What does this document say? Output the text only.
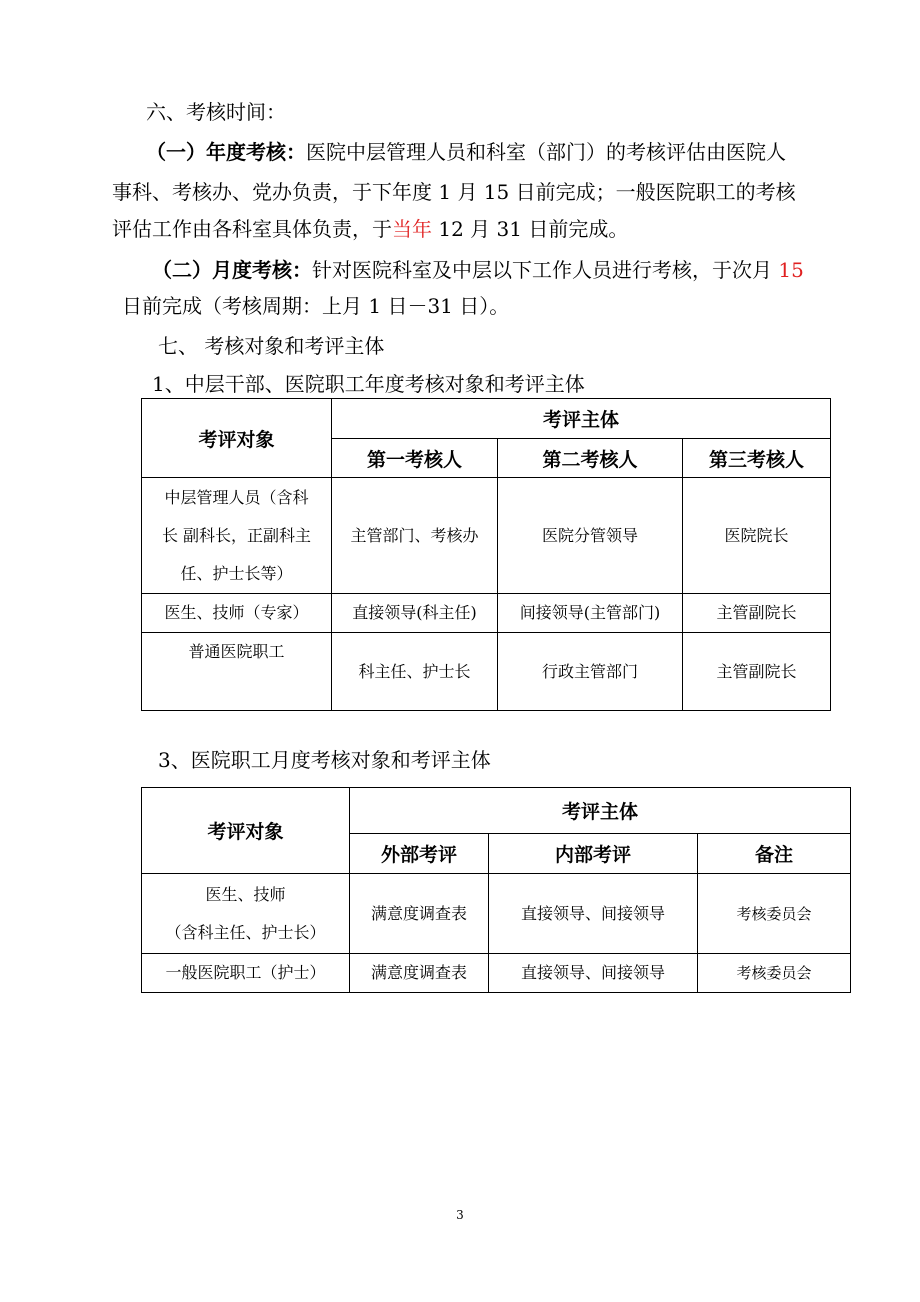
六、考核时间：
（一）年度考核：医院中层管理人员和科室（部门）的考核评估由医院人
事科、考核办、党办负责，于下年度 1 月 15 日前完成；一般医院职工的考核
评估工作由各科室具体负责，于当年 12 月 31 日前完成。
（二）月度考核：针对医院科室及中层以下工作人员进行考核，于次月 15
日前完成（考核周期：上月 1 日－31 日）。
七、 考核对象和考评主体
1、中层干部、医院职工年度考核对象和考评主体
考评对象	考评主体		
	第一考核人	第二考核人	第三考核人

中层管理人员（含科
长 副科长，正副科主
任、护士长等）	主管部门、考核办	医院分管领导	医院院长
医生、技师（专家）	直接领导(科主任)	间接领导(主管部门)	主管副院长
普通医院职工	科主任、护士长	行政主管部门	主管副院长
3、医院职工月度考核对象和考评主体
考评对象	考评主体		
	外部考评	内部考评	备注

医生、技师
（含科主任、护士长）	满意度调查表	直接领导、间接领导	考核委员会
一般医院职工（护士）	满意度调查表	直接领导、间接领导	考核委员会
3
